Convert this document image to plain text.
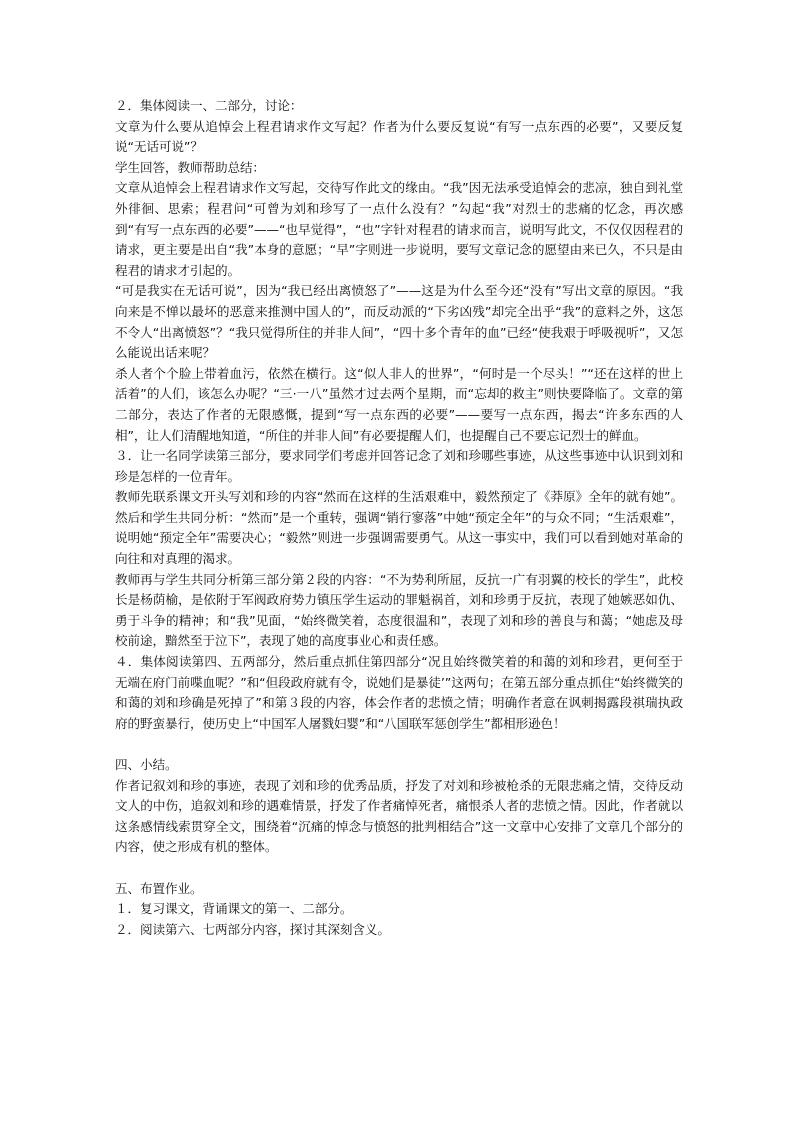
２．集体阅读一、二部分，讨论：

文章为什么要从追悼会上程君请求作文写起？作者为什么要反复说“有写一点东西的必要”，又要反复说“无话可说”？

学生回答，教师帮助总结：

文章从追悼会上程君请求作文写起，交待写作此文的缘由。“我”因无法承受追悼会的悲凉，独自到礼堂外徘徊、思索；程君问“可曾为刘和珍写了一点什么没有？”勾起“我”对烈士的悲痛的忆念，再次感到“有写一点东西的必要”——“也早觉得”，“也”字针对程君的请求而言，说明写此文，不仅仅因程君的请求，更主要是出自“我”本身的意愿；“早”字则进一步说明，要写文章记念的愿望由来已久，不只是由程君的请求才引起的。

“可是我实在无话可说”，因为“我已经出离愤怒了”——这是为什么至今还“没有”写出文章的原因。“我向来是不惮以最坏的恶意来推测中国人的”，而反动派的“下劣凶残”却完全出乎“我”的意料之外，这怎不令人“出离愤怒”？“我只觉得所住的并非人间”，“四十多个青年的血”已经“使我艰于呼吸视听”，又怎么能说出话来呢？

杀人者个个脸上带着血污，依然在横行。这“似人非人的世界”，“何时是一个尽头！”“还在这样的世上活着”的人们，该怎么办呢？“三·一八”虽然才过去两个星期，而“忘却的救主”则快要降临了。文章的第二部分，表达了作者的无限感慨，提到“写一点东西的必要”——要写一点东西，揭去“许多东西的人相”，让人们清醒地知道，“所住的并非人间”有必要提醒人们，也提醒自己不要忘记烈士的鲜血。

３．让一名同学读第三部分，要求同学们考虑并回答记念了刘和珍哪些事迹，从这些事迹中认识到刘和珍是怎样的一位青年。

教师先联系课文开头写刘和珍的内容“然而在这样的生活艰难中，毅然预定了《莽原》全年的就有她”。然后和学生共同分析：“然而”是一个重转，强调“销行寥落”中她“预定全年”的与众不同；“生活艰难”，说明她“预定全年”需要决心；“毅然”则进一步强调需要勇气。从这一事实中，我们可以看到她对革命的向往和对真理的渴求。

教师再与学生共同分析第三部分第２段的内容：“不为势利所屈，反抗一广有羽翼的校长的学生”，此校长是杨荫榆，是依附于军阀政府势力镇压学生运动的罪魁祸首，刘和珍勇于反抗，表现了她嫉恶如仇、勇于斗争的精神；和“我”见面，“始终微笑着，态度很温和”，表现了刘和珍的善良与和蔼；“她虑及母校前途，黯然至于泣下”，表现了她的高度事业心和责任感。

４．集体阅读第四、五两部分，然后重点抓住第四部分“况且始终微笑着的和蔼的刘和珍君，更何至于无端在府门前喋血呢？”和“但段政府就有令，说她们是暴徒’”这两句；在第五部分重点抓住“始终微笑的和蔼的刘和珍确是死掉了”和第３段的内容，体会作者的悲愤之情；明确作者意在讽刺揭露段祺瑞执政府的野蛮暴行，使历史上“中国军人屠戮妇婴”和“八国联军惩创学生”都相形逊色！

四、小结。

作者记叙刘和珍的事迹，表现了刘和珍的优秀品质，抒发了对刘和珍被枪杀的无限悲痛之情，交待反动文人的中伤，追叙刘和珍的遇难情景，抒发了作者痛悼死者，痛恨杀人者的悲愤之情。因此，作者就以这条感情线索贯穿全文，围绕着“沉痛的悼念与愤怒的批判相结合”这一文章中心安排了文章几个部分的内容，使之形成有机的整体。

五、布置作业。

１．复习课文，背诵课文的第一、二部分。

２．阅读第六、七两部分内容，探讨其深刻含义。
